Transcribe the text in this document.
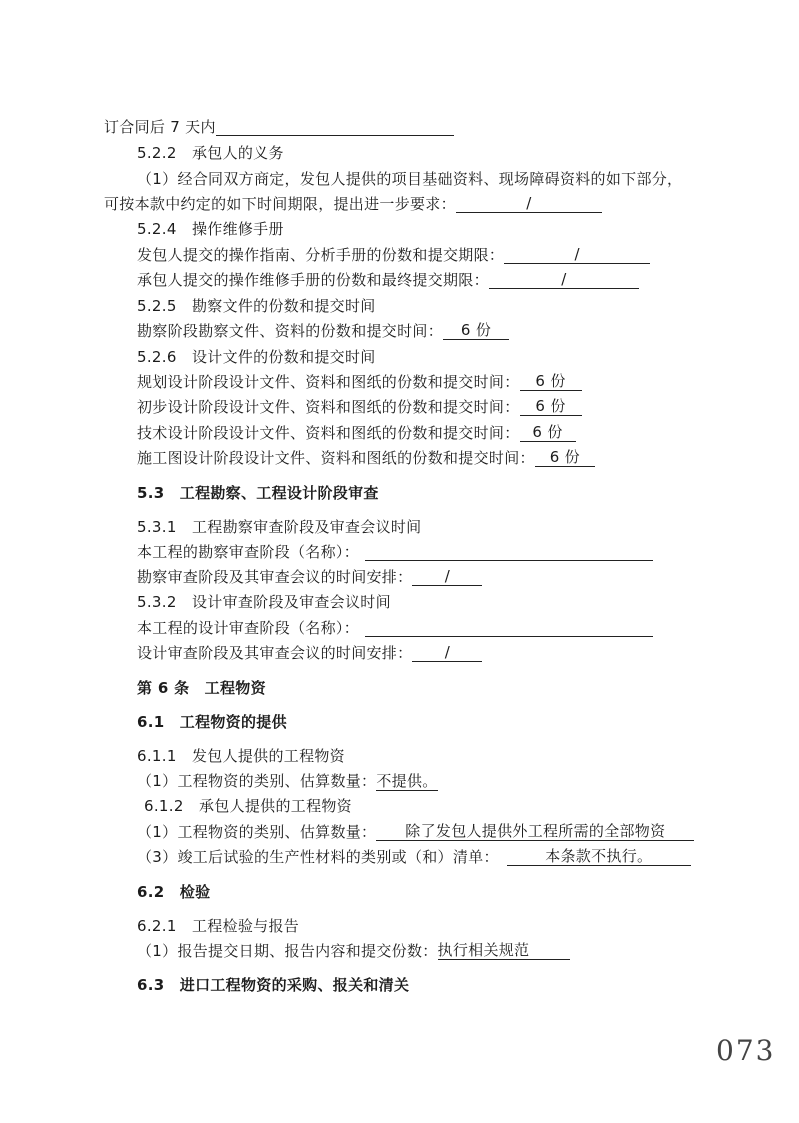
订合同后 7 天内
5.2.2　承包人的义务
（1）经合同双方商定，发包人提供的项目基础资料、现场障碍资料的如下部分，
可按本款中约定的如下时间期限，提出进一步要求：	/
5.2.4　操作维修手册
发包人提交的操作指南、分析手册的份数和提交期限：	/
承包人提交的操作维修手册的份数和最终提交期限：	/
5.2.5　勘察文件的份数和提交时间
勘察阶段勘察文件、资料的份数和提交时间： 6 份
5.2.6　设计文件的份数和提交时间
规划设计阶段设计文件、资料和图纸的份数和提交时间： 6 份
初步设计阶段设计文件、资料和图纸的份数和提交时间： 6 份
技术设计阶段设计文件、资料和图纸的份数和提交时间： 6 份
施工图设计阶段设计文件、资料和图纸的份数和提交时间： 6 份
5.3　工程勘察、工程设计阶段审查
5.3.1　工程勘察审查阶段及审查会议时间
本工程的勘察审查阶段（名称）：
勘察审查阶段及其审查会议的时间安排： /
5.3.2　设计审查阶段及审查会议时间
本工程的设计审查阶段（名称）：
设计审查阶段及其审查会议的时间安排： /
第 6 条　工程物资
6.1　工程物资的提供
6.1.1　发包人提供的工程物资
（1）工程物资的类别、估算数量：不提供。
6.1.2　承包人提供的工程物资
（1）工程物资的类别、估算数量： 除了发包人提供外工程所需的全部物资
（3）竣工后试验的生产性材料的类别或（和）清单：	本条款不执行。
6.2　检验
6.2.1　工程检验与报告
（1）报告提交日期、报告内容和提交份数：执行相关规范
6.3　进口工程物资的采购、报关和清关
073
